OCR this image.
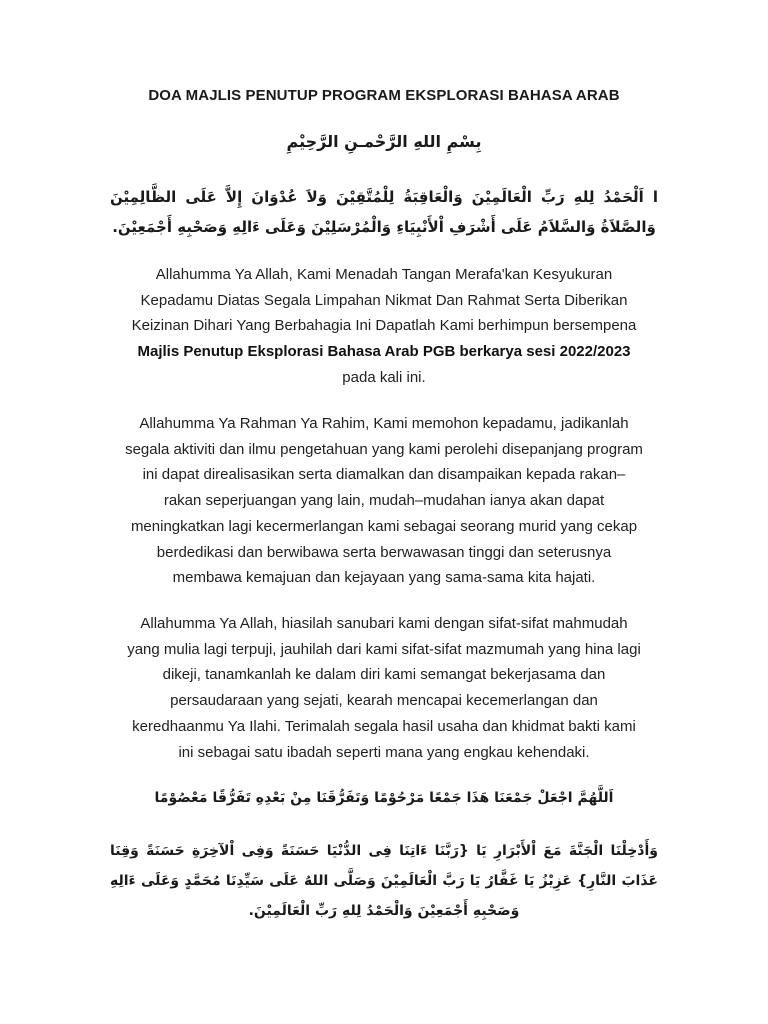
DOA MAJLIS PENUTUP PROGRAM EKSPLORASI BAHASA ARAB
بِسْمِ اللهِ الرَّحْمـنِ الرَّحِيْمِ
ا اَلْحَمْدُ لِلهِ رَبِّ الْعَالَمِيْنَ وَالْعَاقِبَةُ لِلْمُتَّقِيْنَ وَلاَ عُدْوَانَ إِلاَّ عَلَى الظَّالِمِيْنَ وَالصَّلاَةُ وَالسَّلاَمُ عَلَى أَشْرَفِ اْلأَنْبِيَاءِ وَالْمُرْسَلِيْنَ وَعَلَى ءَالِهِ وَصَحْبِهِ أَجْمَعِيْنَ.
Allahumma Ya Allah, Kami Menadah Tangan Merafa'kan Kesyukuran
Kepadamu Diatas Segala Limpahan Nikmat Dan Rahmat Serta Diberikan
Keizinan Dihari Yang Berbahagia Ini Dapatlah Kami berhimpun bersempena
Majlis Penutup Eksplorasi Bahasa Arab PGB berkarya sesi 2022/2023
pada kali ini.
Allahumma Ya Rahman Ya Rahim, Kami memohon kepadamu, jadikanlah
segala aktiviti dan ilmu pengetahuan yang kami perolehi disepanjang program
ini dapat direalisasikan serta diamalkan dan disampaikan kepada rakan–
rakan seperjuangan yang lain, mudah–mudahan ianya akan dapat
meningkatkan lagi kecermerlangan kami sebagai seorang murid yang cekap
berdedikasi dan berwibawa serta berwawasan tinggi dan seterusnya
membawa kemajuan dan kejayaan yang sama-sama kita hajati.
Allahumma Ya Allah, hiasilah sanubari kami dengan sifat-sifat mahmudah
yang mulia lagi terpuji, jauhilah dari kami sifat-sifat mazmumah yang hina lagi
dikeji, tanamkanlah ke dalam diri kami semangat bekerjasama dan
persaudaraan yang sejati, kearah mencapai kecemerlangan dan
keredhaanmu Ya Ilahi. Terimalah segala hasil usaha dan khidmat bakti kami
ini sebagai satu ibadah seperti mana yang engkau kehendaki.
اَللَّهُمَّ اجْعَلْ جَمْعَنَا هَذَا جَمْعًا مَرْحُوْمًا وَتَفَرُّقَنَا مِنْ بَعْدِهِ تَفَرُّقًا مَعْصُوْمًا
وَأَدْخِلْنَا الْجَنَّةَ مَعَ اْلأَبْرَارِ يَا {رَبَّنَا ءَاتِنَا فِى الدُّنْيَا حَسَنَةً وَفِى اْلآخِرَةِ حَسَنَةً وَقِنَا عَذَابَ النَّارِ} عَزِيْزُ يَا غَفَّارُ يَا رَبَّ الْعَالَمِيْنَ وَصَلَّى اللهُ عَلَى سَيِّدِنَا مُحَمَّدٍ وَعَلَى ءَالِهِ وَصَحْبِهِ أَجْمَعِيْنَ وَالْحَمْدُ لِلهِ رَبِّ الْعَالَمِيْنَ.
